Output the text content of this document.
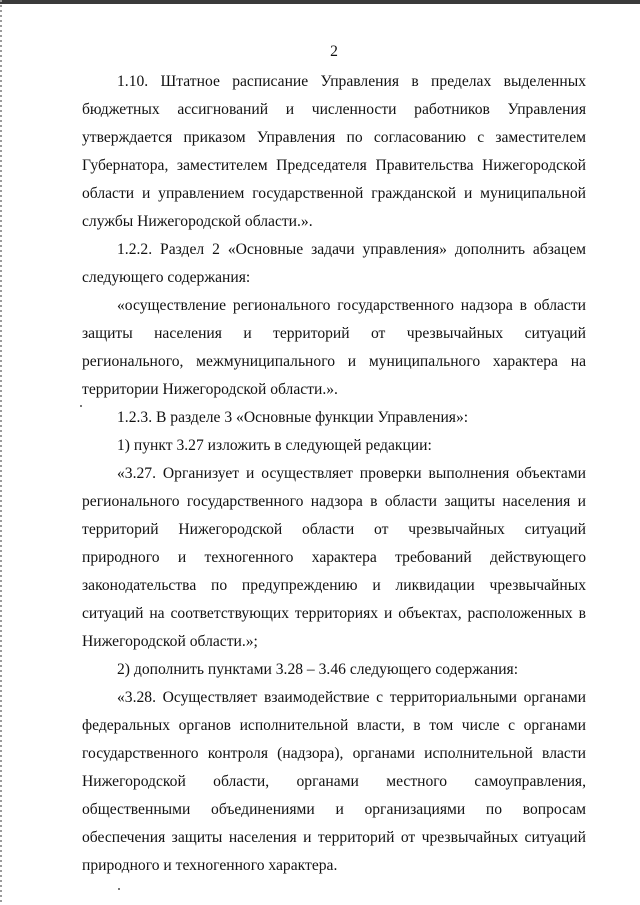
2

1.10. Штатное расписание Управления в пределах выделенных бюджетных ассигнований и численности работников Управления утверждается приказом Управления по согласованию с заместителем Губернатора, заместителем Председателя Правительства Нижегородской области и управлением государственной гражданской и муниципальной службы Нижегородской области.».

1.2.2. Раздел 2 «Основные задачи управления» дополнить абзацем следующего содержания:

«осуществление регионального государственного надзора в области защиты населения и территорий от чрезвычайных ситуаций регионального, межмуниципального и муниципального характера на территории Нижегородской области.».

1.2.3. В разделе 3 «Основные функции Управления»:

1) пункт 3.27 изложить в следующей редакции:

«3.27. Организует и осуществляет проверки выполнения объектами регионального государственного надзора в области защиты населения и территорий Нижегородской области от чрезвычайных ситуаций природного и техногенного характера требований действующего законодательства по предупреждению и ликвидации чрезвычайных ситуаций на соответствующих территориях и объектах, расположенных в Нижегородской области.»;

2) дополнить пунктами 3.28 – 3.46 следующего содержания:

«3.28. Осуществляет взаимодействие с территориальными органами федеральных органов исполнительной власти, в том числе с органами государственного контроля (надзора), органами исполнительной власти Нижегородской области, органами местного самоуправления, общественными объединениями и организациями по вопросам обеспечения защиты населения и территорий от чрезвычайных ситуаций природного и техногенного характера.
